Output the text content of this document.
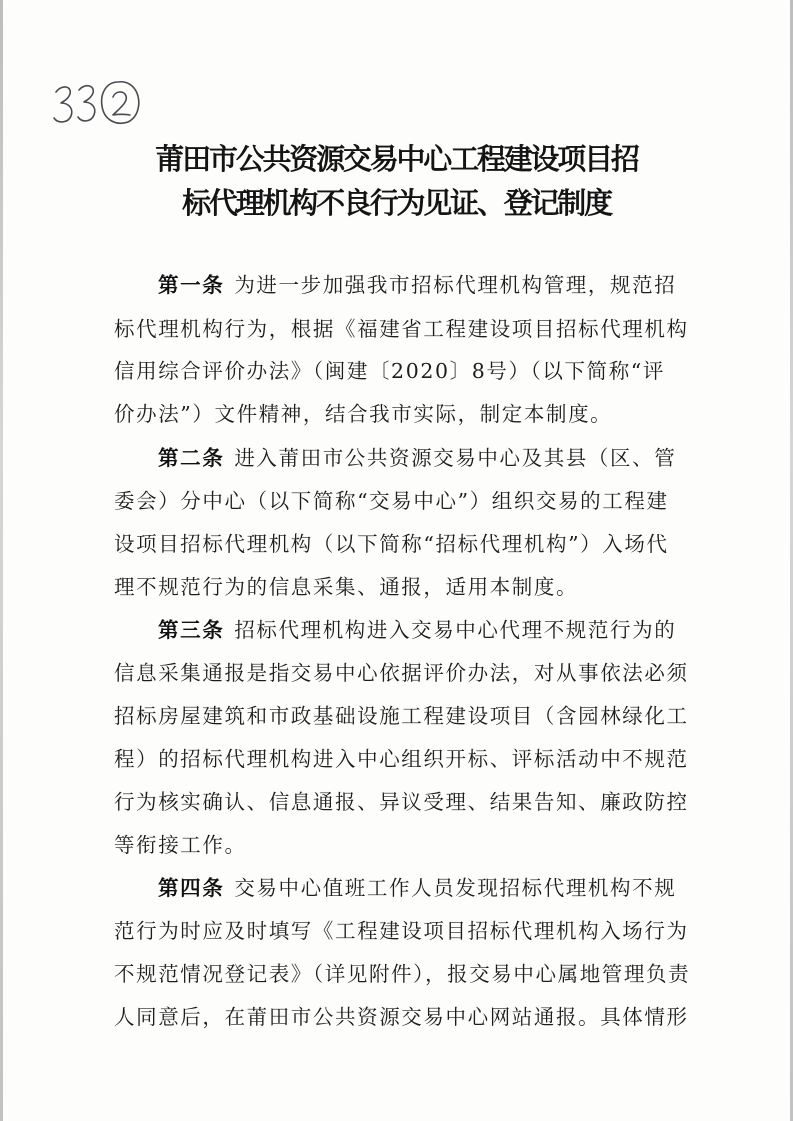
莆田市公共资源交易中心工程建设项目招
标代理机构不良行为见证、登记制度
第一条 为进一步加强我市招标代理机构管理，规范招
标代理机构行为，根据《福建省工程建设项目招标代理机构
信用综合评价办法》（闽建〔2020〕8号）（以下简称“评
价办法”）文件精神，结合我市实际，制定本制度。
第二条 进入莆田市公共资源交易中心及其县（区、管
委会）分中心（以下简称“交易中心”）组织交易的工程建
设项目招标代理机构（以下简称“招标代理机构”）入场代
理不规范行为的信息采集、通报，适用本制度。
第三条 招标代理机构进入交易中心代理不规范行为的
信息采集通报是指交易中心依据评价办法，对从事依法必须
招标房屋建筑和市政基础设施工程建设项目（含园林绿化工
程）的招标代理机构进入中心组织开标、评标活动中不规范
行为核实确认、信息通报、异议受理、结果告知、廉政防控
等衔接工作。
第四条 交易中心值班工作人员发现招标代理机构不规
范行为时应及时填写《工程建设项目招标代理机构入场行为
不规范情况登记表》（详见附件），报交易中心属地管理负责
人同意后，在莆田市公共资源交易中心网站通报。具体情形
